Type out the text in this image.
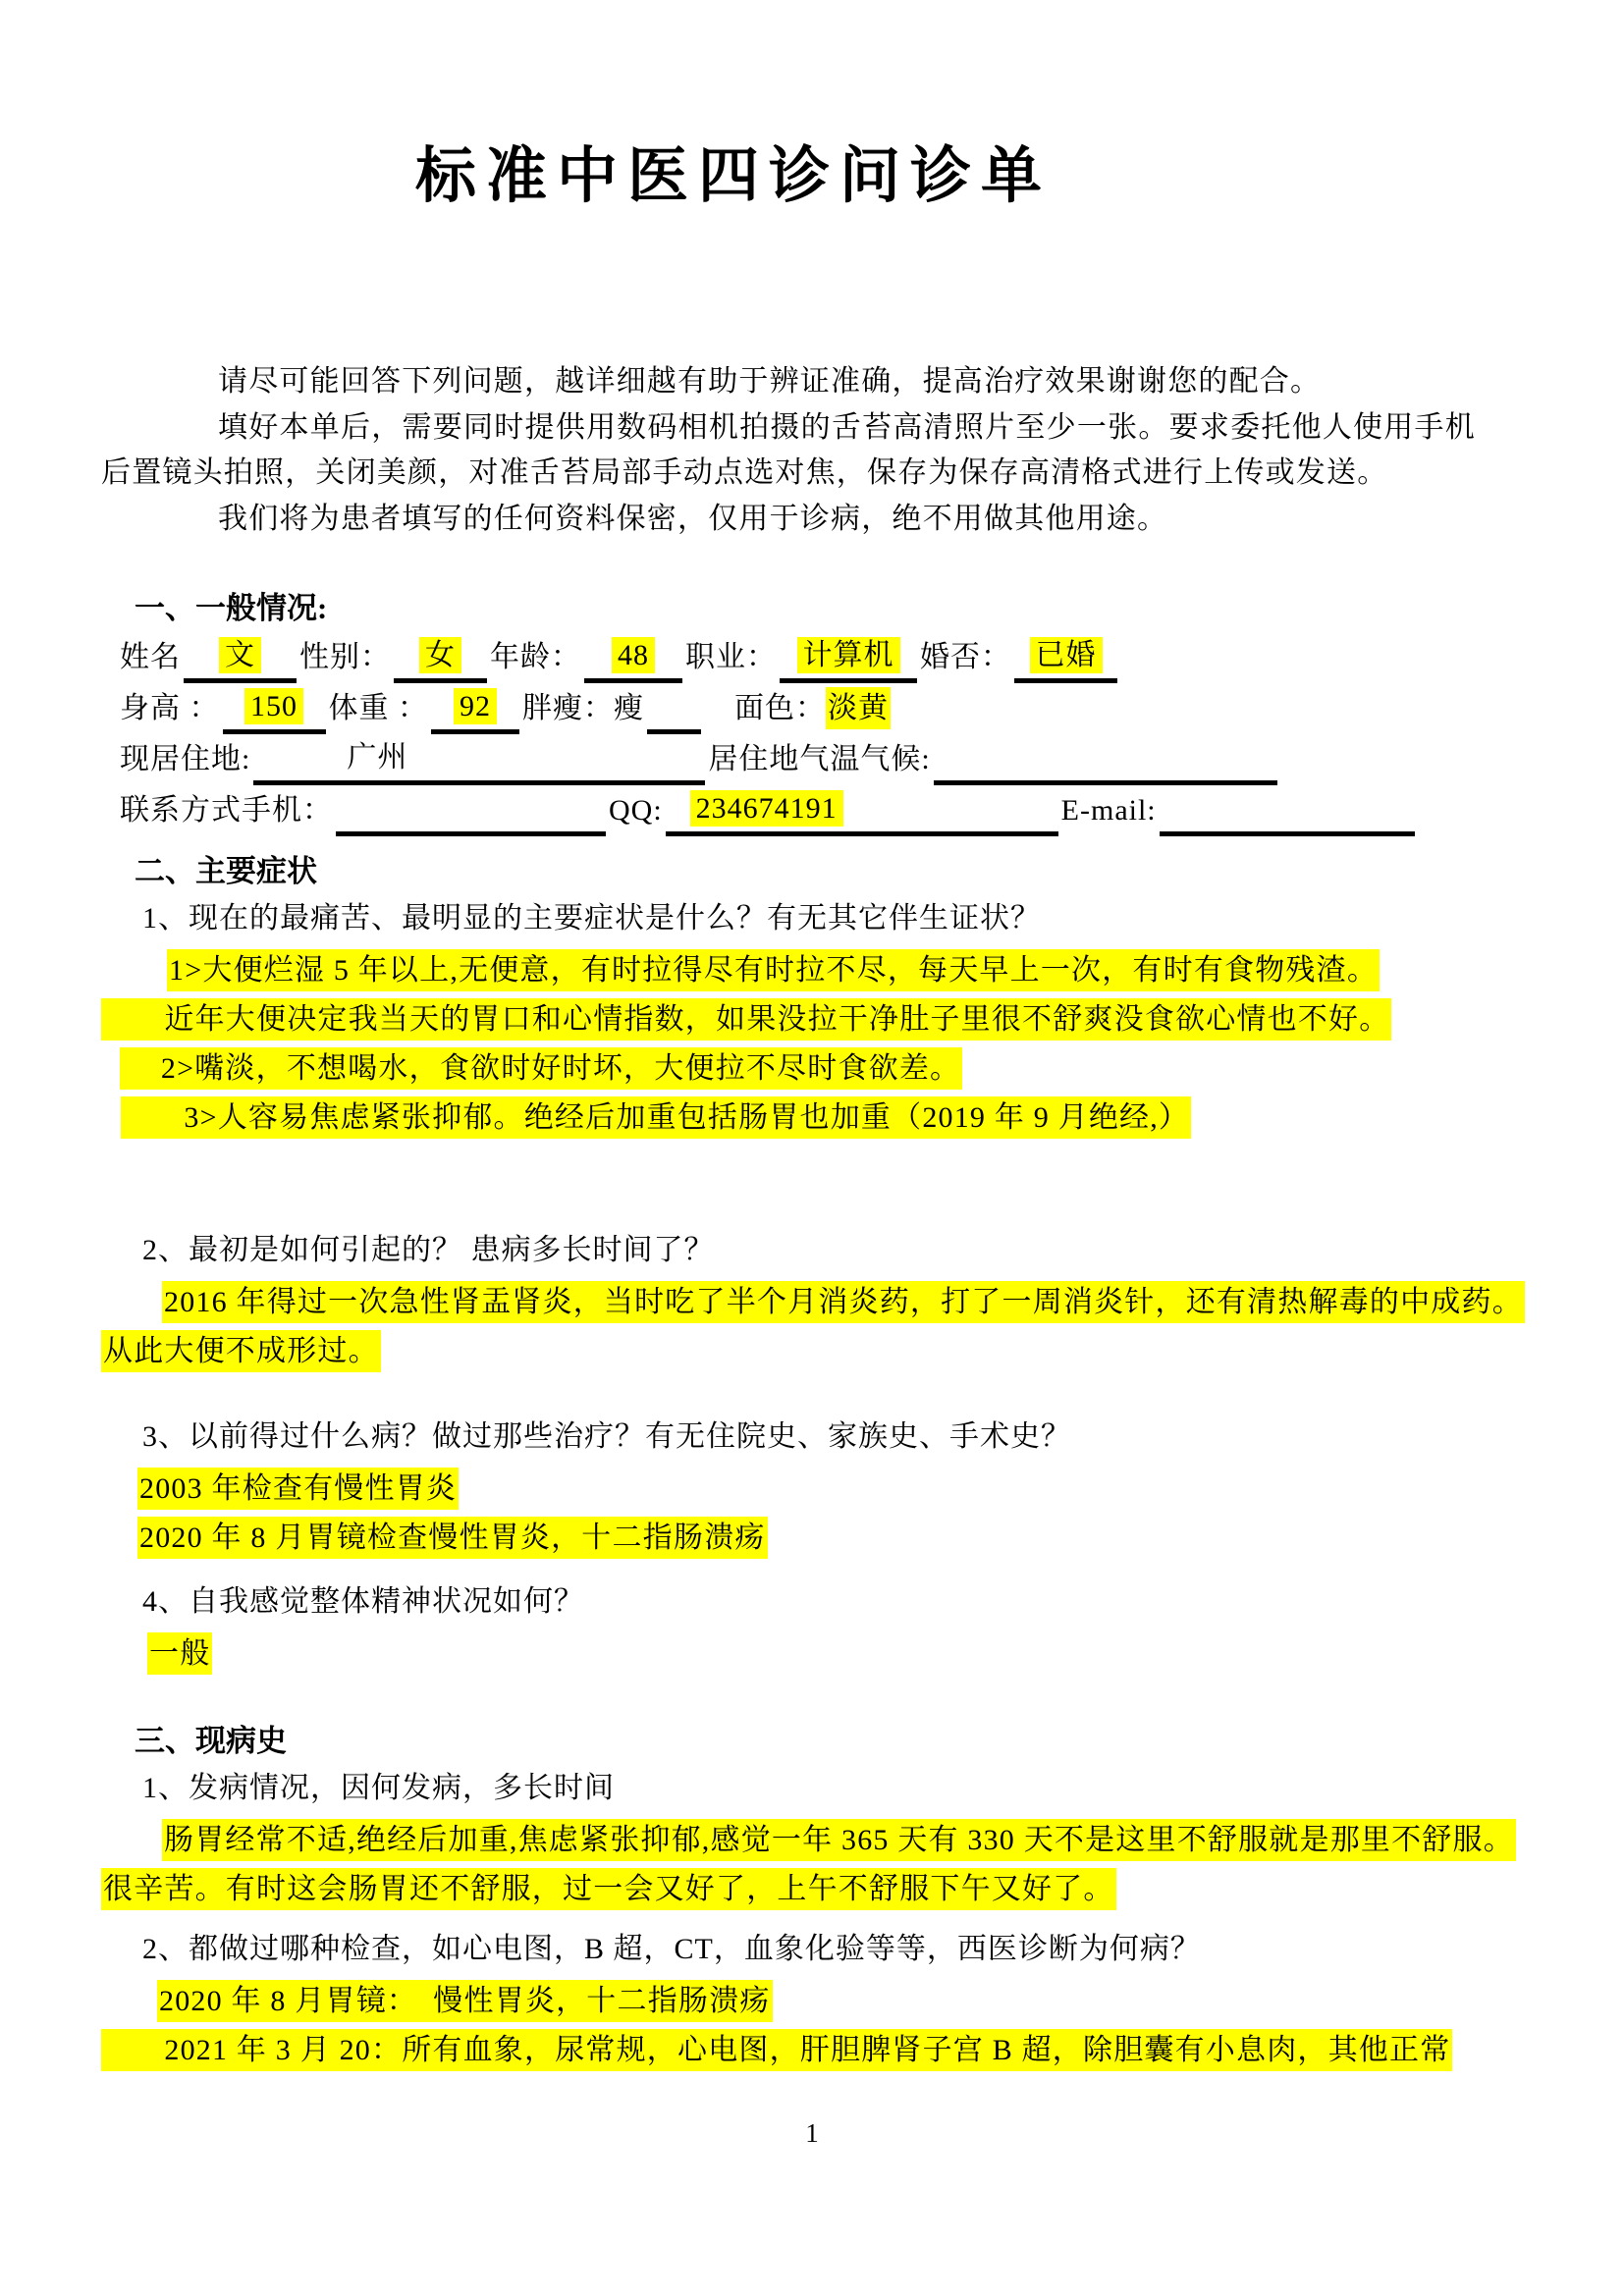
标准中医四诊问诊单

请尽可能回答下列问题，越详细越有助于辨证准确，提高治疗效果谢谢您的配合。

填好本单后，需要同时提供用数码相机拍摄的舌苔高清照片至少一张。要求委托他人使用手机后置镜头拍照，关闭美颜，对准舌苔局部手动点选对焦，保存为保存高清格式进行上传或发送。

我们将为患者填写的任何资料保密，仅用于诊病，绝不用做其他用途。

一、一般情况:
姓名 文 性别： 女 年龄： 48 职业： 计算机 婚否： 已婚
身高 ： 150 体重 ： 92 胖瘦：瘦 	面色：淡黄
现居住地:	广州	居住地气温气候:
联系方式手机：	QQ: 234674191	E-mail:
二、主要症状
1、现在的最痛苦、最明显的主要症状是什么？有无其它伴生证状？
1>大便烂湿 5 年以上,无便意，有时拉得尽有时拉不尽，每天早上一次，有时有食物残渣。
　　近年大便决定我当天的胃口和心情指数，如果没拉干净肚子里很不舒爽没食欲心情也不好。
　 2>嘴淡，不想喝水，食欲时好时坏，大便拉不尽时食欲差。
　　3>人容易焦虑紧张抑郁。绝经后加重包括肠胃也加重（2019 年 9 月绝经,）
2、最初是如何引起的？ 患病多长时间了？
2016 年得过一次急性肾盂肾炎，当时吃了半个月消炎药，打了一周消炎针，还有清热解毒的中成药。
从此大便不成形过。
3、以前得过什么病？做过那些治疗？有无住院史、家族史、手术史？
2003 年检查有慢性胃炎
2020 年 8 月胃镜检查慢性胃炎，十二指肠溃疡
4、自我感觉整体精神状况如何？
一般
三、现病史
1、发病情况，因何发病，多长时间
肠胃经常不适,绝经后加重,焦虑紧张抑郁,感觉一年 365 天有 330 天不是这里不舒服就是那里不舒服。
很辛苦。有时这会肠胃还不舒服，过一会又好了，上午不舒服下午又好了。
2、都做过哪种检查，如心电图，B 超，CT，血象化验等等，西医诊断为何病？
2020 年 8 月胃镜：　慢性胃炎，十二指肠溃疡
　　2021 年 3 月 20：所有血象，尿常规，心电图，肝胆脾肾子宫 B 超，除胆囊有小息肉，其他正常
1
